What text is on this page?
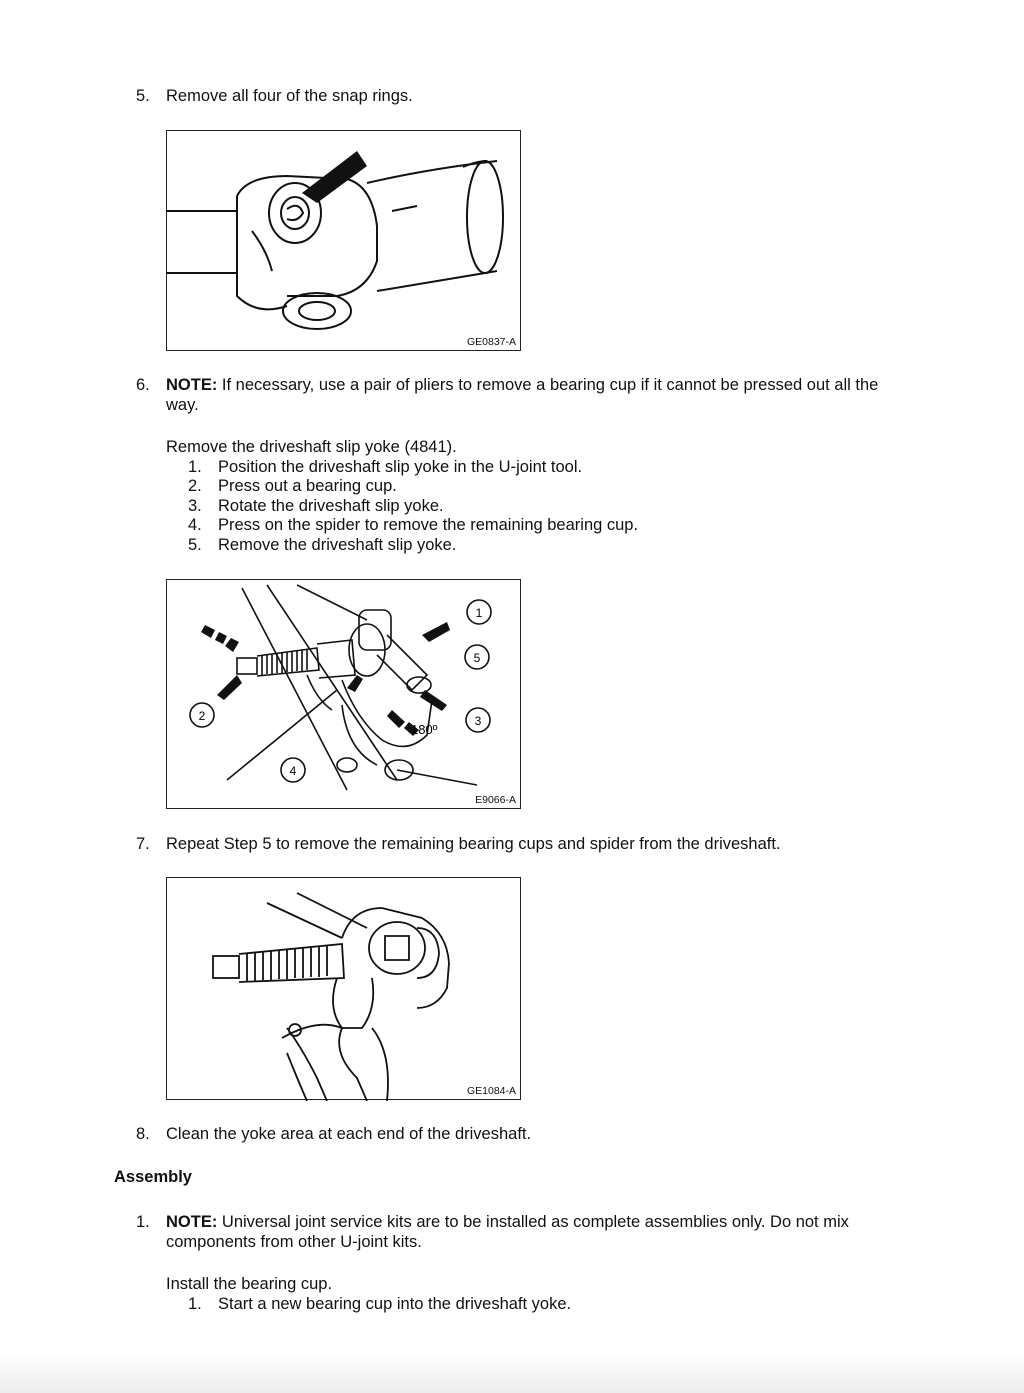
5. Remove all four of the snap rings.
GE0837-A
6. NOTE: If necessary, use a pair of pliers to remove a bearing cup if it cannot be pressed out all the way.
Remove the driveshaft slip yoke (4841).
1. Position the driveshaft slip yoke in the U-joint tool.
2. Press out a bearing cup.
3. Rotate the driveshaft slip yoke.
4. Press on the spider to remove the remaining bearing cup.
5. Remove the driveshaft slip yoke.
1
5
3
2
4
180º
E9066-A
7. Repeat Step 5 to remove the remaining bearing cups and spider from the driveshaft.
GE1084-A
8. Clean the yoke area at each end of the driveshaft.
Assembly
1. NOTE: Universal joint service kits are to be installed as complete assemblies only. Do not mix components from other U-joint kits.
Install the bearing cup.
1. Start a new bearing cup into the driveshaft yoke.
